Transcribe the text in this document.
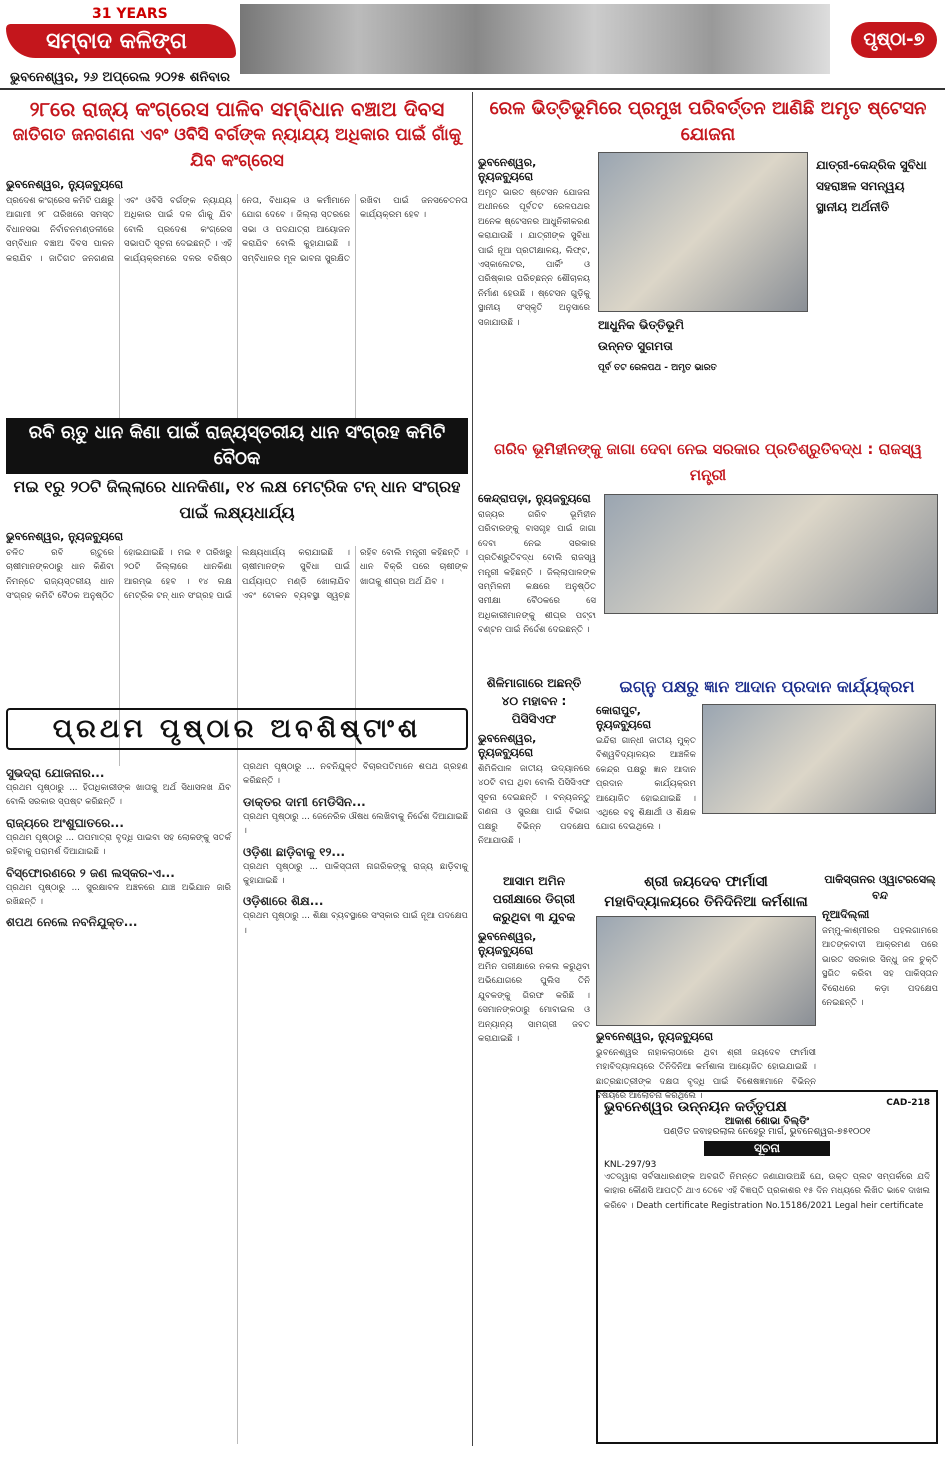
31 YEARS
ସମ୍ବାଦ କଳିଙ୍ଗ	ପୃଷ୍ଠା-୭
ଭୁବନେଶ୍ୱର, ୨୬ ଅପ୍ରେଲ ୨୦୨୫ ଶନିବାର
୨୮ରେ ରାଜ୍ୟ କଂଗ୍ରେସ ପାଳିବ ସମ୍ବିଧାନ ବଞ୍ଚାଅ ଦିବସ
ଜାତିଗତ ଜନଗଣନା ଏବଂ ଓବିସି ବର୍ଗଙ୍କ ନ୍ୟାଯ୍ୟ ଅଧିକାର ପାଇଁ ଗାଁକୁ ଯିବ କଂଗ୍ରେସ
ଭୁବନେଶ୍ୱର, ନ୍ୟୁଜବ୍ୟୁରୋ
ପ୍ରଦେଶ କଂଗ୍ରେସ କମିଟି ପକ୍ଷରୁ ଆଗାମୀ ୨୮ ତାରିଖରେ ସମସ୍ତ ବିଧାନସଭା ନିର୍ବାଚନମଣ୍ଡଳୀରେ ସମ୍ବିଧାନ ବଞ୍ଚାଅ ଦିବସ ପାଳନ କରାଯିବ । ଜାତିଗତ ଜନଗଣନା ଏବଂ ଓବିସି ବର୍ଗଙ୍କ ନ୍ୟାଯ୍ୟ ଅଧିକାର ପାଇଁ ଦଳ ଗାଁକୁ ଯିବ ବୋଲି ପ୍ରଦେଶ କଂଗ୍ରେସ ସଭାପତି ସୂଚନା ଦେଇଛନ୍ତି । ଏହି କାର୍ଯ୍ୟକ୍ରମରେ ଦଳର ବରିଷ୍ଠ ନେତା, ବିଧାୟକ ଓ କର୍ମୀମାନେ ଯୋଗ ଦେବେ । ଜିଲ୍ଲା ସ୍ତରରେ ସଭା ଓ ପଦଯାତ୍ରା ଆୟୋଜନ କରାଯିବ ବୋଲି କୁହାଯାଇଛି । ସମ୍ବିଧାନର ମୂଳ ଭାବନା ସୁରକ୍ଷିତ ରଖିବା ପାଇଁ ଜନସଚେତନତା କାର୍ଯ୍ୟକ୍ରମ ହେବ ।
ରବି ଋତୁ ଧାନ କିଣା ପାଇଁ ରାଜ୍ୟସ୍ତରୀୟ ଧାନ ସଂଗ୍ରହ କମିଟି ବୈଠକ
ମଇ ୧ରୁ ୨୦ଟି ଜିଲ୍ଲାରେ ଧାନକିଣା, ୧୪ ଲକ୍ଷ ମେଟ୍ରିକ ଟନ୍ ଧାନ ସଂଗ୍ରହ ପାଇଁ ଲକ୍ଷ୍ୟଧାର୍ଯ୍ୟ
ଭୁବନେଶ୍ୱର, ନ୍ୟୁଜବ୍ୟୁରୋ
ଚଳିତ ରବି ଋତୁରେ ଚାଷୀମାନଙ୍କଠାରୁ ଧାନ କିଣିବା ନିମନ୍ତେ ରାଜ୍ୟସ୍ତରୀୟ ଧାନ ସଂଗ୍ରହ କମିଟି ବୈଠକ ଅନୁଷ୍ଠିତ ହୋଇଯାଇଛି । ମଇ ୧ ତାରିଖରୁ ୨୦ଟି ଜିଲ୍ଲାରେ ଧାନକିଣା ଆରମ୍ଭ ହେବ । ୧୪ ଲକ୍ଷ ମେଟ୍ରିକ ଟନ୍ ଧାନ ସଂଗ୍ରହ ପାଇଁ ଲକ୍ଷ୍ୟଧାର୍ଯ୍ୟ କରାଯାଇଛି । ଚାଷୀମାନଙ୍କ ସୁବିଧା ପାଇଁ ପର୍ଯ୍ୟାପ୍ତ ମଣ୍ଡି ଖୋଲାଯିବ ଏବଂ ଟୋକନ ବ୍ୟବସ୍ଥା ସ୍ୱଚ୍ଛ ରହିବ ବୋଲି ମନ୍ତ୍ରୀ କହିଛନ୍ତି । ଧାନ ବିକ୍ରି ପରେ ଚାଷୀଙ୍କ ଖାତାକୁ ଶୀଘ୍ର ଅର୍ଥ ଯିବ ।
ପ୍ରଥମ ପୃଷ୍ଠାର ଅବଶିଷ୍ଟାଂଶ
ସୁଭଦ୍ରା ଯୋଜନାର...
ପ୍ରଥମ ପୃଷ୍ଠାରୁ ... ହିତାଧିକାରୀଙ୍କ ଖାତାକୁ ଅର୍ଥ ସିଧାସଳଖ ଯିବ ବୋଲି ସରକାର ସ୍ପଷ୍ଟ କରିଛନ୍ତି ।
ରାଜ୍ୟରେ ଅଂଶୁଘାତରେ...
ପ୍ରଥମ ପୃଷ୍ଠାରୁ ... ତାପମାତ୍ରା ବୃଦ୍ଧି ପାଇବା ସହ ଲୋକଙ୍କୁ ସତର୍କ ରହିବାକୁ ପରାମର୍ଶ ଦିଆଯାଇଛି ।
ବିସ୍ଫୋରଣରେ ୨ ଜଣ ଲସ୍କର-ଏ...
ପ୍ରଥମ ପୃଷ୍ଠାରୁ ... ସୁରକ୍ଷାବଳ ଅଞ୍ଚଳରେ ଯାଞ୍ଚ ଅଭିଯାନ ଜାରି ରଖିଛନ୍ତି ।
ଶପଥ ନେଲେ ନବନିଯୁକ୍ତ...
ପ୍ରଥମ ପୃଷ୍ଠାରୁ ... ନବନିଯୁକ୍ତ ବିଚାରପତିମାନେ ଶପଥ ଗ୍ରହଣ କରିଛନ୍ତି ।
ଡାକ୍ତର ଦାମୀ ମେଡିସିନ...
ପ୍ରଥମ ପୃଷ୍ଠାରୁ ... ଜେନେରିକ ଔଷଧ ଲେଖିବାକୁ ନିର୍ଦ୍ଦେଶ ଦିଆଯାଇଛି ।
ଓଡ଼ିଶା ଛାଡ଼ିବାକୁ ୧୨...
ପ୍ରଥମ ପୃଷ୍ଠାରୁ ... ପାକିସ୍ତାନୀ ନାଗରିକଙ୍କୁ ରାଜ୍ୟ ଛାଡ଼ିବାକୁ କୁହାଯାଇଛି ।
ଓଡ଼ିଶାରେ ଶିକ୍ଷ...
ପ୍ରଥମ ପୃଷ୍ଠାରୁ ... ଶିକ୍ଷା ବ୍ୟବସ୍ଥାରେ ସଂସ୍କାର ପାଇଁ ନୂଆ ପଦକ୍ଷେପ ।
ରେଳ ଭିତ୍ତିଭୂମିରେ ପ୍ରମୁଖ ପରିବର୍ତ୍ତନ ଆଣିଛି ଅମୃତ ଷ୍ଟେସନ ଯୋଜନା
ଭୁବନେଶ୍ୱର, ନ୍ୟୁଜବ୍ୟୁରୋ
ଅମୃତ ଭାରତ ଷ୍ଟେସନ ଯୋଜନା ଅଧୀନରେ ପୂର୍ବତଟ ରେଳପଥର ଅନେକ ଷ୍ଟେସନର ଆଧୁନିକୀକରଣ କରାଯାଉଛି । ଯାତ୍ରୀଙ୍କ ସୁବିଧା ପାଇଁ ନୂଆ ପ୍ରତୀକ୍ଷାଳୟ, ଲିଫ୍ଟ, ଏସ୍କାଲେଟର, ପାର୍କିଂ ଓ ପରିଷ୍କାର ପରିଚ୍ଛନ୍ନ ଶୌଚାଳୟ ନିର୍ମାଣ ହେଉଛି । ଷ୍ଟେସନ ଗୁଡ଼ିକୁ ସ୍ଥାନୀୟ ସଂସ୍କୃତି ଅନୁସାରେ ସଜାଯାଉଛି ।	ଆଧୁନିକ ଭିତ୍ତିଭୂମି
ଉନ୍ନତ ସୁଗମତା
ପୂର୍ବ ତଟ ରେଳପଥ - ଅମୃତ ଭାରତ
ଯାତ୍ରୀ-କେନ୍ଦ୍ରିକ ସୁବିଧା
ସହରାଞ୍ଚଳ ସମନ୍ୱୟ
ସ୍ଥାନୀୟ ଅର୍ଥନୀତି
ଗରିବ ଭୂମିହୀନଙ୍କୁ ଜାଗା ଦେବା ନେଇ ସରକାର ପ୍ରତିଶ୍ରୁତିବଦ୍ଧ : ରାଜସ୍ୱ ମନ୍ତ୍ରୀ
କେନ୍ଦ୍ରାପଡ଼ା, ନ୍ୟୁଜବ୍ୟୁରୋ
ରାଜ୍ୟର ଗରିବ ଭୂମିହୀନ ପରିବାରଙ୍କୁ ବାସଗୃହ ପାଇଁ ଜାଗା ଦେବା ନେଇ ସରକାର ପ୍ରତିଶ୍ରୁତିବଦ୍ଧ ବୋଲି ରାଜସ୍ୱ ମନ୍ତ୍ରୀ କହିଛନ୍ତି । ଜିଲ୍ଲାପାଳଙ୍କ ସମ୍ମିଳନୀ କକ୍ଷରେ ଅନୁଷ୍ଠିତ ସମୀକ୍ଷା ବୈଠକରେ ସେ ଅଧିକାରୀମାନଙ୍କୁ ଶୀଘ୍ର ପଟ୍ଟା ବଣ୍ଟନ ପାଇଁ ନିର୍ଦ୍ଦେଶ ଦେଇଛନ୍ତି ।
ଶିଳିମାଗାରେ ଅଛନ୍ତି ୪୦ ମହାବନ : ପିସିସିଏଫ
ଭୁବନେଶ୍ୱର, ନ୍ୟୁଜବ୍ୟୁରୋ
ଶିମିଳିପାଳ ଜାତୀୟ ଉଦ୍ୟାନରେ ୪୦ଟି ବାଘ ଥିବା ବୋଲି ପିସିସିଏଫ ସୂଚନା ଦେଇଛନ୍ତି । ବନ୍ୟଜନ୍ତୁ ଗଣନା ଓ ସୁରକ୍ଷା ପାଇଁ ବିଭାଗ ପକ୍ଷରୁ ବିଭିନ୍ନ ପଦକ୍ଷେପ ନିଆଯାଉଛି ।
ଇଗ୍ନୁ ପକ୍ଷରୁ ଜ୍ଞାନ ଆଦାନ ପ୍ରଦାନ କାର୍ଯ୍ୟକ୍ରମ
କୋରାପୁଟ, ନ୍ୟୁଜବ୍ୟୁରୋ
ଇନ୍ଦିରା ଗାନ୍ଧୀ ଜାତୀୟ ମୁକ୍ତ ବିଶ୍ୱବିଦ୍ୟାଳୟର ଆଞ୍ଚଳିକ କେନ୍ଦ୍ର ପକ୍ଷରୁ ଜ୍ଞାନ ଆଦାନ ପ୍ରଦାନ କାର୍ଯ୍ୟକ୍ରମ ଆୟୋଜିତ ହୋଇଯାଇଛି । ଏଥିରେ ବହୁ ଶିକ୍ଷାର୍ଥୀ ଓ ଶିକ୍ଷକ ଯୋଗ ଦେଇଥିଲେ ।
ଆସାମ ଅମିନ ପରୀକ୍ଷାରେ ଡିଗ୍ରୀ କରୁଥିବା ୩ ଯୁବକ
ଭୁବନେଶ୍ୱର, ନ୍ୟୁଜବ୍ୟୁରୋ
ଅମିନ ପରୀକ୍ଷାରେ ନକଲ କରୁଥିବା ଅଭିଯୋଗରେ ପୁଲିସ ତିନି ଯୁବକଙ୍କୁ ଗିରଫ କରିଛି । ସେମାନଙ୍କଠାରୁ ମୋବାଇଲ ଓ ଅନ୍ୟାନ୍ୟ ସାମଗ୍ରୀ ଜବତ କରାଯାଇଛି ।
ଶ୍ରୀ ଜୟଦେବ ଫାର୍ମାସୀ ମହାବିଦ୍ୟାଳୟରେ ତିନିଦିନିଆ କର୍ମଶାଳା
ଭୁବନେଶ୍ୱର, ନ୍ୟୁଜବ୍ୟୁରୋ
ଭୁବନେଶ୍ୱର ନାହାକଲାଠାରେ ଥିବା ଶ୍ରୀ ଜୟଦେବ ଫାର୍ମାସୀ ମହାବିଦ୍ୟାଳୟରେ ତିନିଦିନିଆ କର୍ମଶାଳା ଆୟୋଜିତ ହୋଇଯାଇଛି । ଛାତ୍ରଛାତ୍ରୀଙ୍କ ଦକ୍ଷତା ବୃଦ୍ଧି ପାଇଁ ବିଶେଷଜ୍ଞମାନେ ବିଭିନ୍ନ ବିଷୟରେ ଆଲୋଚନା କରିଥିଲେ ।
ପାକିସ୍ତାନର ଓ୍ୱାଟରସେଲ୍ ବନ୍ଦ
ନୂଆଦିଲ୍ଲୀ
ଜମ୍ମୁ-କାଶ୍ମୀରର ପହଲଗାମରେ ଆତଙ୍କବାଦୀ ଆକ୍ରମଣ ପରେ ଭାରତ ସରକାର ସିନ୍ଧୁ ଜଳ ଚୁକ୍ତି ସ୍ଥଗିତ କରିବା ସହ ପାକିସ୍ତାନ ବିରୋଧରେ କଡ଼ା ପଦକ୍ଷେପ ନେଇଛନ୍ତି ।
ଭୁବନେଶ୍ୱର ଉନ୍ନୟନ କର୍ତ୍ତୃପକ୍ଷ	CAD-218
ଆକାଶ ଶୋଭା ବିଲ୍ଡିଂ
ପଣ୍ଡିତ ଜବାହରଲାଲ ନେହେରୁ ମାର୍ଗ, ଭୁବନେଶ୍ୱର-୭୫୧୦୦୧
ସୂଚନା
KNL-297/93
ଏତଦ୍ୱାରା ସର୍ବସାଧାରଣଙ୍କ ଅବଗତି ନିମନ୍ତେ ଜଣାଯାଉଅଛି ଯେ, ଉକ୍ତ ପ୍ଲଟ ସମ୍ପର୍କରେ ଯଦି କାହାର କୌଣସି ଆପତ୍ତି ଥାଏ ତେବେ ଏହି ବିଜ୍ଞପ୍ତି ପ୍ରକାଶର ୧୫ ଦିନ ମଧ୍ୟରେ ଲିଖିତ ଭାବେ ଦାଖଲ କରିବେ । Death certificate Registration No.15186/2021 Legal heir certificate
